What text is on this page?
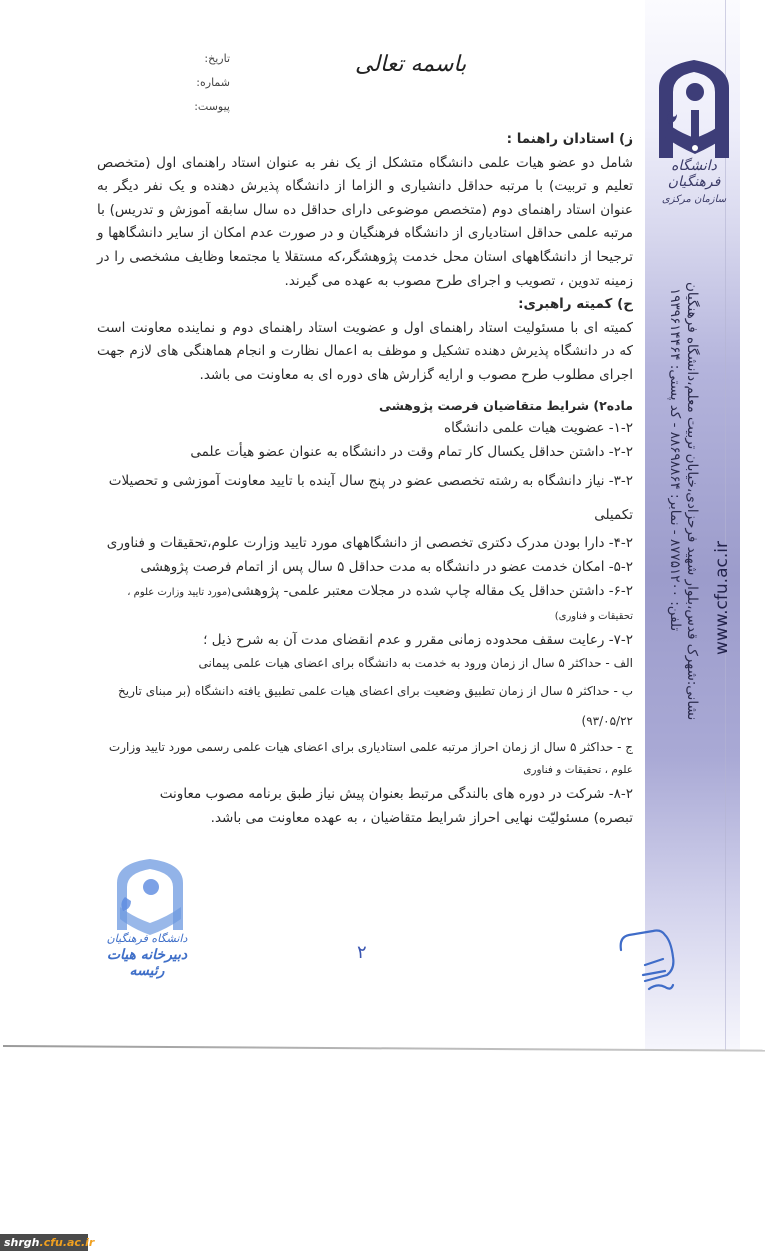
دانشگاه فرهنگیان
سازمان مرکزی
نشانی:شهرک قدس،بلوار شهید فرحزادی،خیابان تربیت معلم،دانشگاه فرهنگیان
تلفن: ۸۷۷۵۱۲۰۰ - نمابر: ۸۸۶۹۸۸۶۴ - کد پستی: ۱۹۳۹۶۱۴۴۶۴ www.cfu.ac.ir
تاریخ:
شماره:
پیوست:
باسمه تعالی

ز) استادان راهنما :

شامل دو عضو هیات علمی دانشگاه متشکل از یک نفر به عنوان استاد راهنمای اول (متخصص تعلیم و تربیت) با مرتبه حداقل دانشیاری و الزاما از دانشگاه پذیرش دهنده و یک نفر دیگر به عنوان استاد راهنمای دوم (متخصص موضوعی دارای حداقل ده سال سابقه آموزش و تدریس) با مرتبه علمی حداقل استادیاری از دانشگاه فرهنگیان و در صورت عدم امکان از سایر دانشگاهها و ترجیحا از دانشگاههای استان محل خدمت پژوهشگر،که مستقلا یا مجتمعا وظایف مشخصی را در زمینه تدوین ، تصویب و اجرای طرح مصوب به عهده می گیرند.

ح) کمیته راهبری:

کمیته ای با مسئولیت استاد راهنمای اول و عضویت استاد راهنمای دوم و نماینده معاونت است که در دانشگاه پذیرش دهنده تشکیل و موظف به اعمال نظارت و انجام هماهنگی های لازم جهت اجرای مطلوب طرح مصوب و ارایه گزارش های دوره ای به معاونت می باشد.

ماده۲) شرایط متقاضیان فرصت پژوهشی

۱-۲- عضویت هیات علمی دانشگاه

۲-۲- داشتن حداقل یکسال کار تمام وقت در دانشگاه به عنوان عضو هیأت علمی

۳-۲- نیاز دانشگاه به رشته تخصصی عضو در پنج سال آینده با تایید معاونت آموزشی و تحصیلات تکمیلی

۴-۲- دارا بودن مدرک دکتری تخصصی از دانشگاههای مورد تایید وزارت علوم،تحقیقات و فناوری

۵-۲- امکان خدمت عضو در دانشگاه به مدت حداقل ۵ سال پس از اتمام فرصت پژوهشی

۶-۲- داشتن حداقل یک مقاله چاپ شده در مجلات معتبر علمی- پژوهشی(مورد تایید وزارت علوم ، تحقیقات و فناوری)

۷-۲- رعایت سقف محدوده زمانی مقرر و عدم انقضای مدت آن به شرح ذیل ؛

الف - حداکثر ۵ سال از زمان ورود به خدمت به دانشگاه برای اعضای هیات علمی پیمانی

ب - حداکثر ۵ سال از زمان تطبیق وضعیت برای اعضای هیات علمی تطبیق یافته دانشگاه (بر مبنای تاریخ ۹۳/۰۵/۲۲)

ج - حداکثر ۵ سال از زمان احراز مرتبه علمی استادیاری برای اعضای هیات علمی رسمی مورد تایید وزارت

علوم ، تحقیقات و فناوری

۸-۲- شرکت در دوره های بالندگی مرتبط بعنوان پیش نیاز طبق برنامه مصوب معاونت

تبصره) مسئولیّت نهایی احراز شرایط متقاضیان ، به عهده معاونت می باشد.

دانشگاه فرهنگیان
دبیرخانه هیات رئیسه
۲
shrgh.cfu.ac.ir
